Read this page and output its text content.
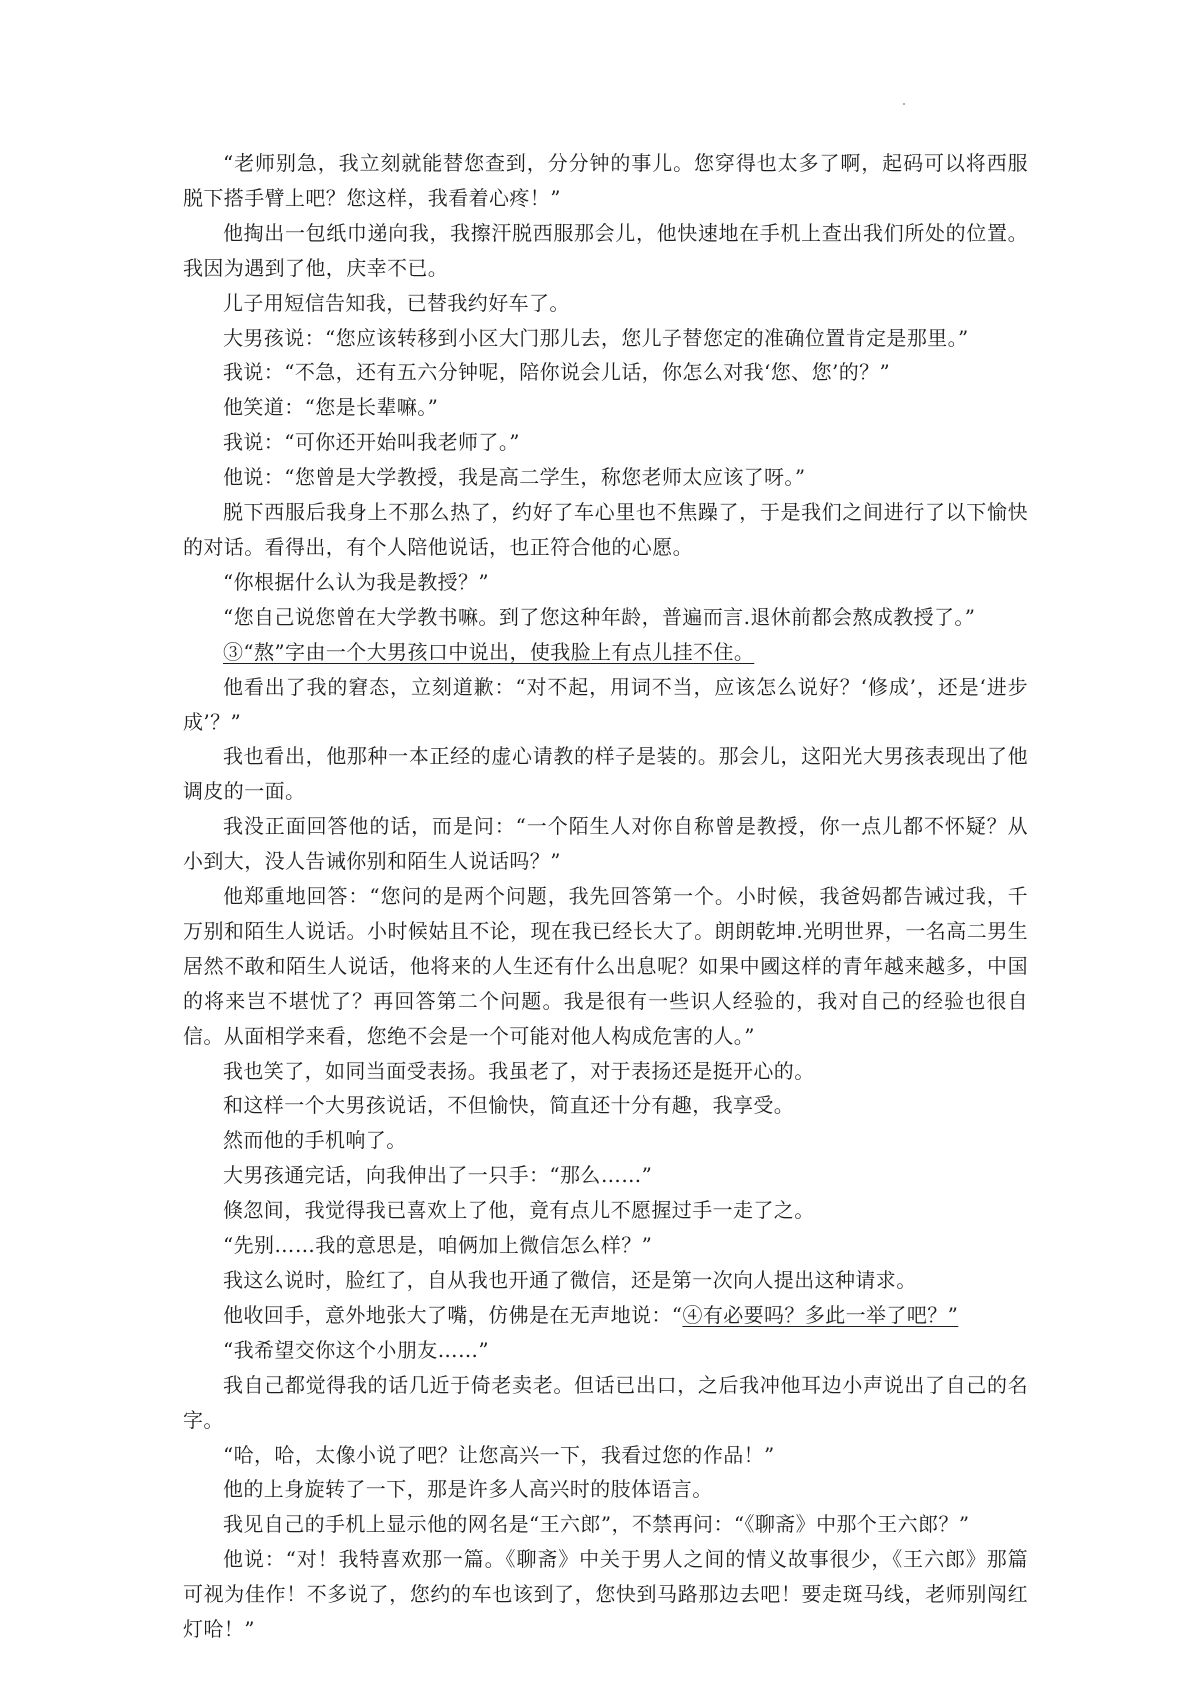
“老师别急，我立刻就能替您查到，分分钟的事儿。您穿得也太多了啊，起码可以将西服脱下搭手臂上吧？您这样，我看着心疼！”

他掏出一包纸巾递向我，我擦汗脱西服那会儿，他快速地在手机上查出我们所处的位置。我因为遇到了他，庆幸不已。

儿子用短信告知我，已替我约好车了。

大男孩说：“您应该转移到小区大门那儿去，您儿子替您定的准确位置肯定是那里。”

我说：“不急，还有五六分钟呢，陪你说会儿话，你怎么对我‘您、您’的？”

他笑道：“您是长辈嘛。”

我说：“可你还开始叫我老师了。”

他说：“您曾是大学教授，我是高二学生，称您老师太应该了呀。”

脱下西服后我身上不那么热了，约好了车心里也不焦躁了，于是我们之间进行了以下愉快的对话。看得出，有个人陪他说话，也正符合他的心愿。

“你根据什么认为我是教授？”

“您自己说您曾在大学教书嘛。到了您这种年龄，普遍而言.退休前都会熬成教授了。”

③“熬”字由一个大男孩口中说出，使我脸上有点儿挂不住。

他看出了我的窘态，立刻道歉：“对不起，用词不当，应该怎么说好？‘修成’，还是‘进步成’？”

我也看出，他那种一本正经的虚心请教的样子是装的。那会儿，这阳光大男孩表现出了他调皮的一面。

我没正面回答他的话，而是问：“一个陌生人对你自称曾是教授，你一点儿都不怀疑？从小到大，没人告诫你别和陌生人说话吗？”

他郑重地回答：“您问的是两个问题，我先回答第一个。小时候，我爸妈都告诫过我，千万别和陌生人说话。小时候姑且不论，现在我已经长大了。朗朗乾坤.光明世界，一名高二男生居然不敢和陌生人说话，他将来的人生还有什么出息呢？如果中國这样的青年越来越多，中国的将来岂不堪忧了？再回答第二个问题。我是很有一些识人经验的，我对自己的经验也很自信。从面相学来看，您绝不会是一个可能对他人构成危害的人。”

我也笑了，如同当面受表扬。我虽老了，对于表扬还是挺开心的。

和这样一个大男孩说话，不但愉快，简直还十分有趣，我享受。

然而他的手机响了。

大男孩通完话，向我伸出了一只手：“那么……”

倏忽间，我觉得我已喜欢上了他，竟有点儿不愿握过手一走了之。

“先别……我的意思是，咱俩加上微信怎么样？”

我这么说时，脸红了，自从我也开通了微信，还是第一次向人提出这种请求。

他收回手，意外地张大了嘴，仿佛是在无声地说：“④有必要吗？多此一举了吧？”

“我希望交你这个小朋友……”

我自己都觉得我的话几近于倚老卖老。但话已出口，之后我冲他耳边小声说出了自己的名字。

“哈，哈，太像小说了吧？让您高兴一下，我看过您的作品！”

他的上身旋转了一下，那是许多人高兴时的肢体语言。

我见自己的手机上显示他的网名是“王六郎”，不禁再问：“《聊斋》中那个王六郎？”

他说：“对！我特喜欢那一篇。《聊斋》中关于男人之间的情义故事很少，《王六郎》那篇可视为佳作！不多说了，您约的车也该到了，您快到马路那边去吧！要走斑马线，老师别闯红灯哈！”
